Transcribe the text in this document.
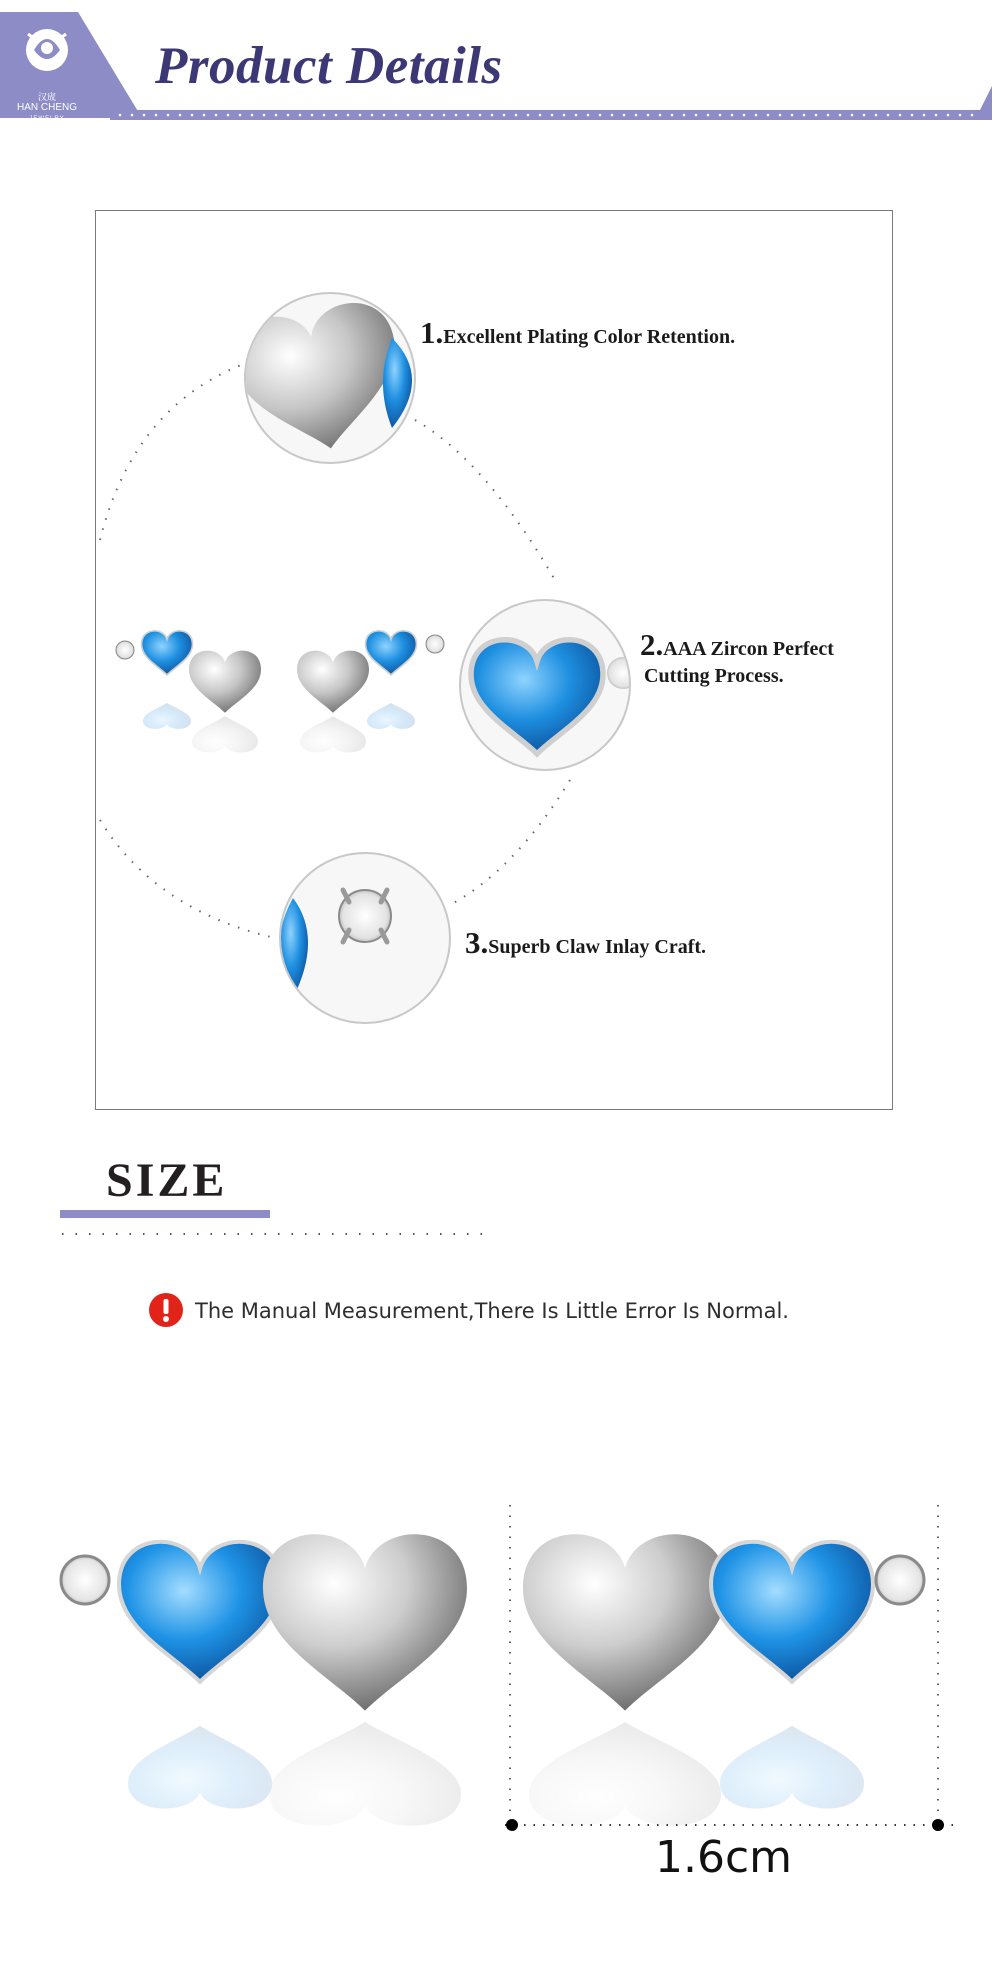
汉宬
HAN CHENG
JEWELRY
Product Details
1.Excellent Plating Color Retention.
2.AAA Zircon Perfect
Cutting Process.
3.Superb Claw Inlay Craft.
SIZE
The Manual Measurement,There Is Little Error Is Normal.
1.6cm
